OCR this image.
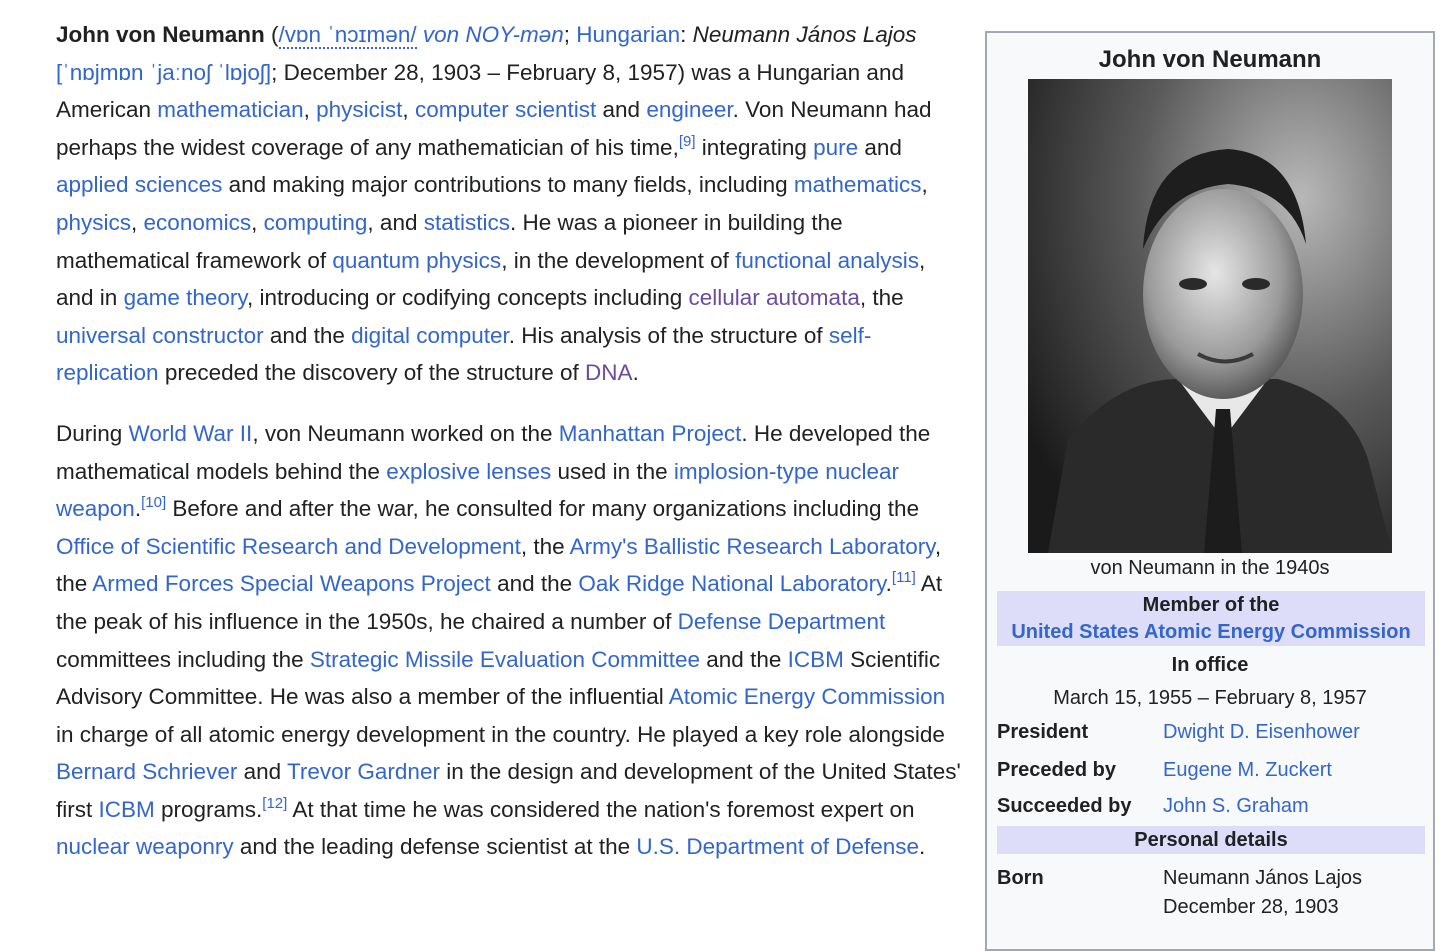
John von Neumann (/vɒn ˈnɔɪmən/ von NOY-mən; Hungarian: Neumann János Lajos [ˈnɒjmɒn ˈjaːnoʃ ˈlɒjoʃ]; December 28, 1903 – February 8, 1957) was a Hungarian and American mathematician, physicist, computer scientist and engineer. Von Neumann had perhaps the widest coverage of any mathematician of his time,[9] integrating pure and applied sciences and making major contributions to many fields, including mathematics, physics, economics, computing, and statistics. He was a pioneer in building the mathematical framework of quantum physics, in the development of functional analysis, and in game theory, introducing or codifying concepts including cellular automata, the universal constructor and the digital computer. His analysis of the structure of self-replication preceded the discovery of the structure of DNA.

During World War II, von Neumann worked on the Manhattan Project. He developed the mathematical models behind the explosive lenses used in the implosion-type nuclear weapon.[10] Before and after the war, he consulted for many organizations including the Office of Scientific Research and Development, the Army's Ballistic Research Laboratory, the Armed Forces Special Weapons Project and the Oak Ridge National Laboratory.[11] At the peak of his influence in the 1950s, he chaired a number of Defense Department committees including the Strategic Missile Evaluation Committee and the ICBM Scientific Advisory Committee. He was also a member of the influential Atomic Energy Commission in charge of all atomic energy development in the country. He played a key role alongside Bernard Schriever and Trevor Gardner in the design and development of the United States' first ICBM programs.[12] At that time he was considered the nation's foremost expert on nuclear weaponry and the leading defense scientist at the U.S. Department of Defense.

John von Neumann
von Neumann in the 1940s
Member of the
United States Atomic Energy Commission
In office
March 15, 1955 – February 8, 1957
President	Dwight D. Eisenhower
Preceded by	Eugene M. Zuckert
Succeeded by	John S. Graham
Personal details
Born	Neumann János Lajos
December 28, 1903
